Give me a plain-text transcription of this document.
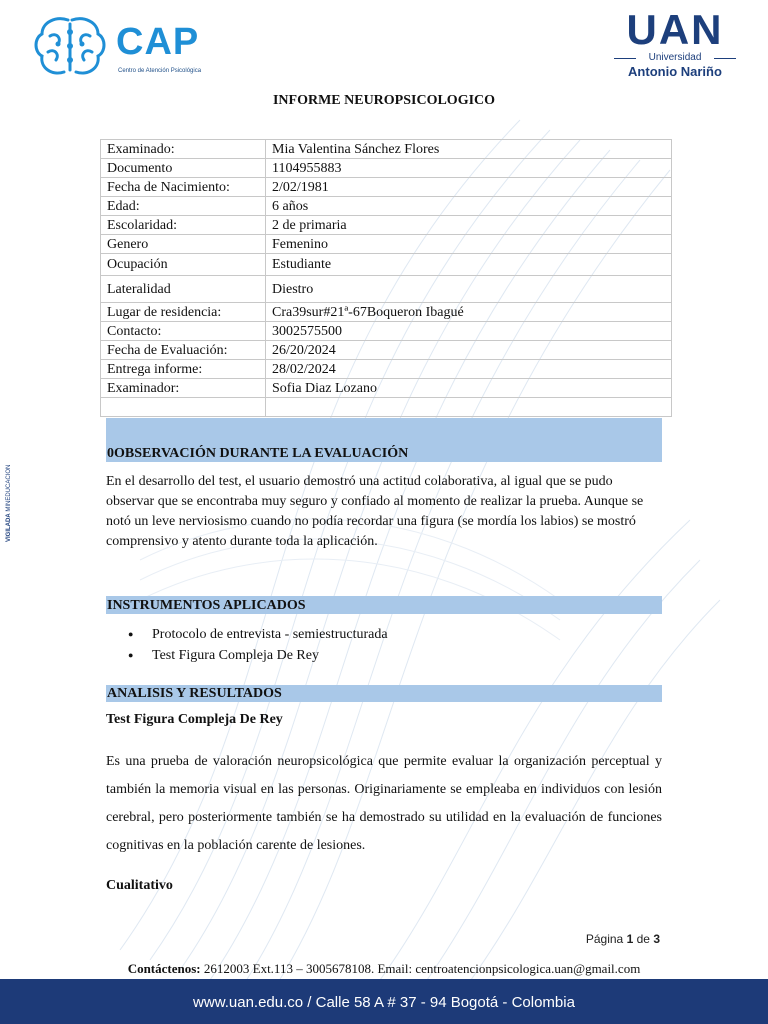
CAP
Centro de Atención Psicológica
UAN
Universidad
Antonio Nariño
VIGILADA MINEDUCACIÓN
INFORME NEUROPSICOLOGICO
Examinado:	Mia Valentina Sánchez Flores
Documento	1104955883
Fecha de Nacimiento:	2/02/1981
Edad:	6 años
Escolaridad:	2 de primaria
Genero	Femenino
Ocupación	Estudiante
Lateralidad	Diestro
Lugar de residencia:	Cra39sur#21ª-67Boqueron Ibagué
Contacto:	3002575500
Fecha de Evaluación:	26/20/2024
Entrega informe:	28/02/2024
Examinador:	Sofia Diaz Lozano

0OBSERVACIÓN DURANTE LA EVALUACIÓN
En el desarrollo del test, el usuario demostró una actitud colaborativa, al igual que se pudo observar que se encontraba muy seguro y confiado al momento de realizar la prueba. Aunque se notó un leve nerviosismo cuando no podía recordar una figura (se mordía los labios) se mostró comprensivo y atento durante toda la aplicación.
INSTRUMENTOS APLICADOS
● Protocolo de entrevista - semiestructurada
● Test Figura Compleja De Rey
ANALISIS Y RESULTADOS
Test Figura Compleja De Rey
Es una prueba de valoración neuropsicológica que permite evaluar la organización perceptual y también la memoria visual en las personas. Originariamente se empleaba en individuos con lesión cerebral, pero posteriormente también se ha demostrado su utilidad en la evaluación de funciones cognitivas en la población carente de lesiones.
Cualitativo
Página 1 de 3
Contáctenos: 2612003 Ext.113 – 3005678108. Email: centroatencionpsicologica.uan@gmail.com
www.uan.edu.co / Calle 58 A # 37 - 94 Bogotá - Colombia
